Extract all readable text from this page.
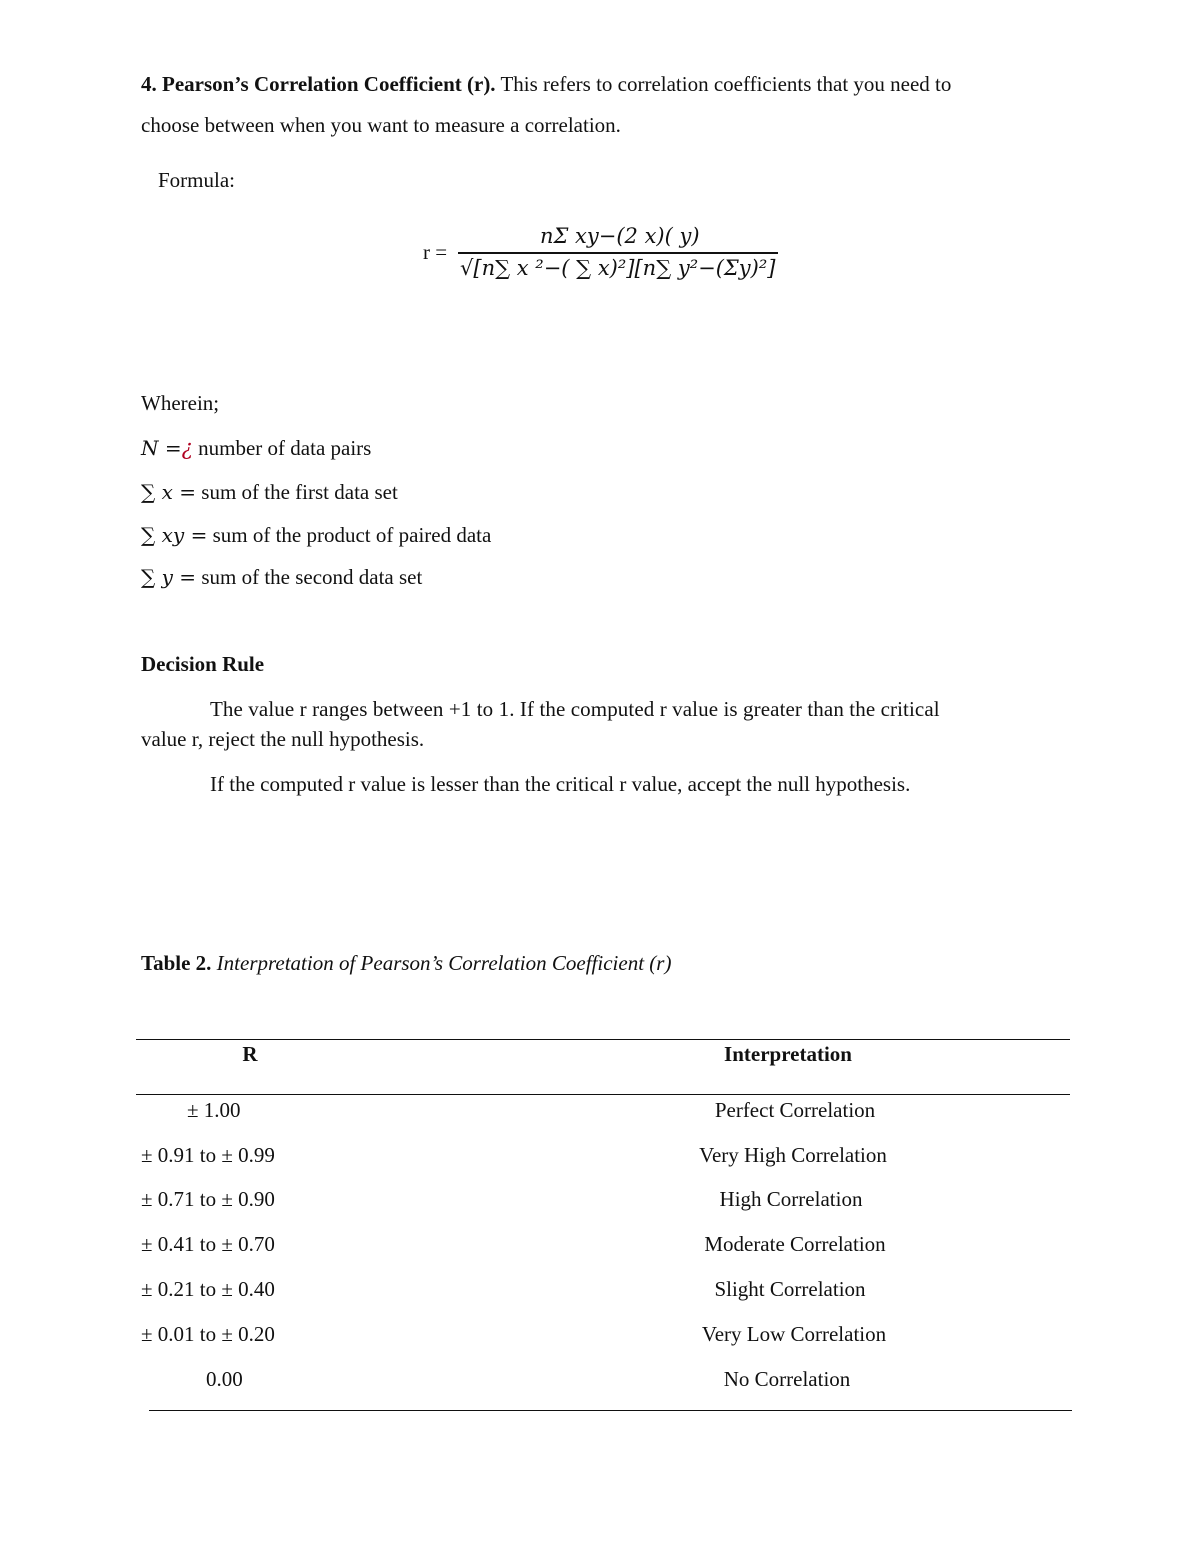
4. Pearson’s Correlation Coefficient (r). This refers to correlation coefficients that you need to
choose between when you want to measure a correlation.
Formula:
r =
nΣ xy−(2 x)( y)
√[n∑ x ²−( ∑ x)²][n∑ y²−(Σy)²]
Wherein;
N =¿ number of data pairs
∑ x = sum of the first data set
∑ xy = sum of the product of paired data
∑ y = sum of the second data set
Decision Rule
The value r ranges between +1 to 1. If the computed r value is greater than the critical
value r, reject the null hypothesis.
If the computed r value is lesser than the critical r value, accept the null hypothesis.
Table 2. Interpretation of Pearson’s Correlation Coefficient (r)
R	Interpretation
± 1.00	Perfect Correlation
± 0.91 to ± 0.99	Very High Correlation
± 0.71 to ± 0.90	High Correlation
± 0.41 to ± 0.70	Moderate Correlation
± 0.21 to ± 0.40	Slight Correlation
± 0.01 to ± 0.20	Very Low Correlation
0.00	No Correlation
